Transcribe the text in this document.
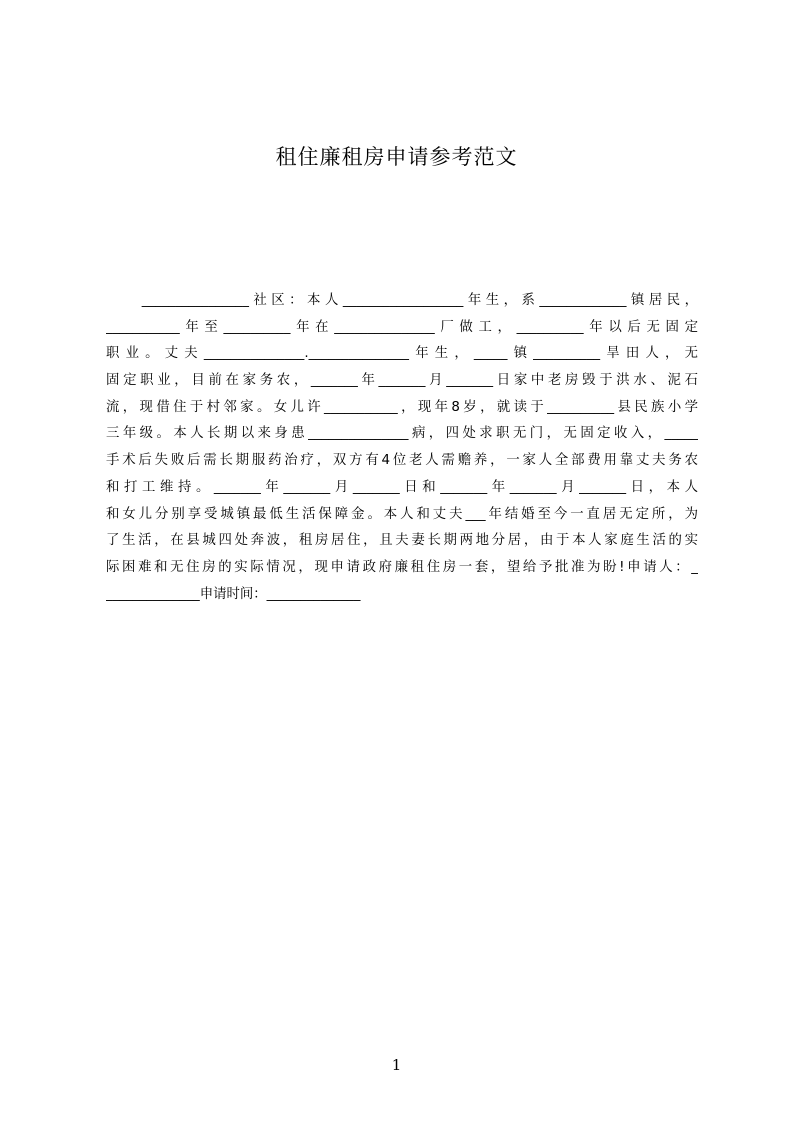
租住廉租房申请参考范文
　　________________社区：本人__________________年生，系_____________镇居民，
___________年至__________年在_______________厂做工，__________年以后无固定
职业。丈夫_______________._______________年生，_____镇__________旱田人，无
固定职业，目前在家务农，_______年_______月_______日家中老房毁于洪水、泥石
流，现借住于村邻家。女儿许___________，现年8岁，就读于__________县民族小学
三年级。本人长期以来身患_______________病，四处求职无门，无固定收入，_____
手术后失败后需长期服药治疗，双方有4位老人需赡养，一家人全部费用靠丈夫务农
和打工维持。_______年_______月_______日和_______年_______月_______日，本人
和女儿分别享受城镇最低生活保障金。本人和丈夫___年结婚至今一直居无定所，为
了生活，在县城四处奔波，租房居住，且夫妻长期两地分居，由于本人家庭生活的实
际困难和无住房的实际情况，现申请政府廉租住房一套，望给予批准为盼!申请人：_
______________申请时间：______________
1
